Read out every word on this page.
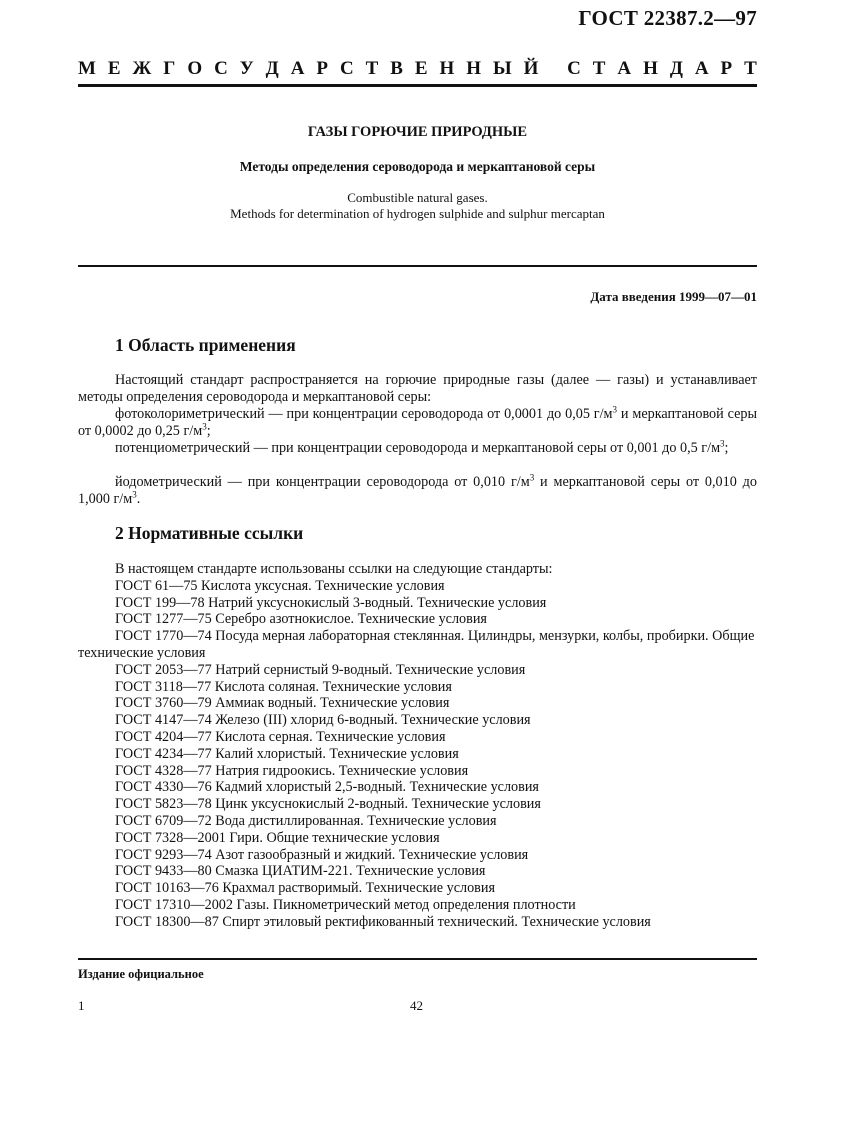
ГОСТ 22387.2—97
М Е Ж Г О С У Д А Р С Т В Е Н Н Ы Й
С Т А Н Д А Р Т
ГАЗЫ ГОРЮЧИЕ ПРИРОДНЫЕ
Методы определения сероводорода и меркаптановой серы
Combustible natural gases.
Methods for determination of hydrogen sulphide and sulphur mercaptan
Дата введения 1999—07—01
1 Область применения
Настоящий стандарт распространяется на горючие природные газы (далее — газы) и устанавливает методы определения сероводорода и меркаптановой серы:
фотоколориметрический — при концентрации сероводорода от 0,0001 до 0,05 $г/м^3$ и меркаптановой серы от 0,0002 до 0,25 $г/м^3$;
потенциометрический — при концентрации сероводорода и меркаптановой серы от 0,001 до 0,5 $г/м^3$;
йодометрический — при концентрации сероводорода от 0,010 $г/м^3$ и меркаптановой серы от 0,010 до 1,000 $г/м^3$.
2 Нормативные ссылки
В настоящем стандарте использованы ссылки на следующие стандарты:
ГОСТ 61—75 Кислота уксусная. Технические условия
ГОСТ 199—78 Натрий уксуснокислый 3-водный. Технические условия
ГОСТ 1277—75 Серебро азотнокислое. Технические условия
ГОСТ 1770—74 Посуда мерная лабораторная стеклянная. Цилиндры, мензурки, колбы, пробирки. Общие технические условия
ГОСТ 2053—77 Натрий сернистый 9-водный. Технические условия
ГОСТ 3118—77 Кислота соляная. Технические условия
ГОСТ 3760—79 Аммиак водный. Технические условия
ГОСТ 4147—74 Железо (III) хлорид 6-водный. Технические условия
ГОСТ 4204—77 Кислота серная. Технические условия
ГОСТ 4234—77 Калий хлористый. Технические условия
ГОСТ 4328—77 Натрия гидроокись. Технические условия
ГОСТ 4330—76 Кадмий хлористый 2,5-водный. Технические условия
ГОСТ 5823—78 Цинк уксуснокислый 2-водный. Технические условия
ГОСТ 6709—72 Вода дистиллированная. Технические условия
ГОСТ 7328—2001 Гири. Общие технические условия
ГОСТ 9293—74 Азот газообразный и жидкий. Технические условия
ГОСТ 9433—80 Смазка ЦИАТИМ-221. Технические условия
ГОСТ 10163—76 Крахмал растворимый. Технические условия
ГОСТ 17310—2002 Газы. Пикнометрический метод определения плотности
ГОСТ 18300—87 Спирт этиловый ректификованный технический. Технические условия
Издание официальное
1	42
